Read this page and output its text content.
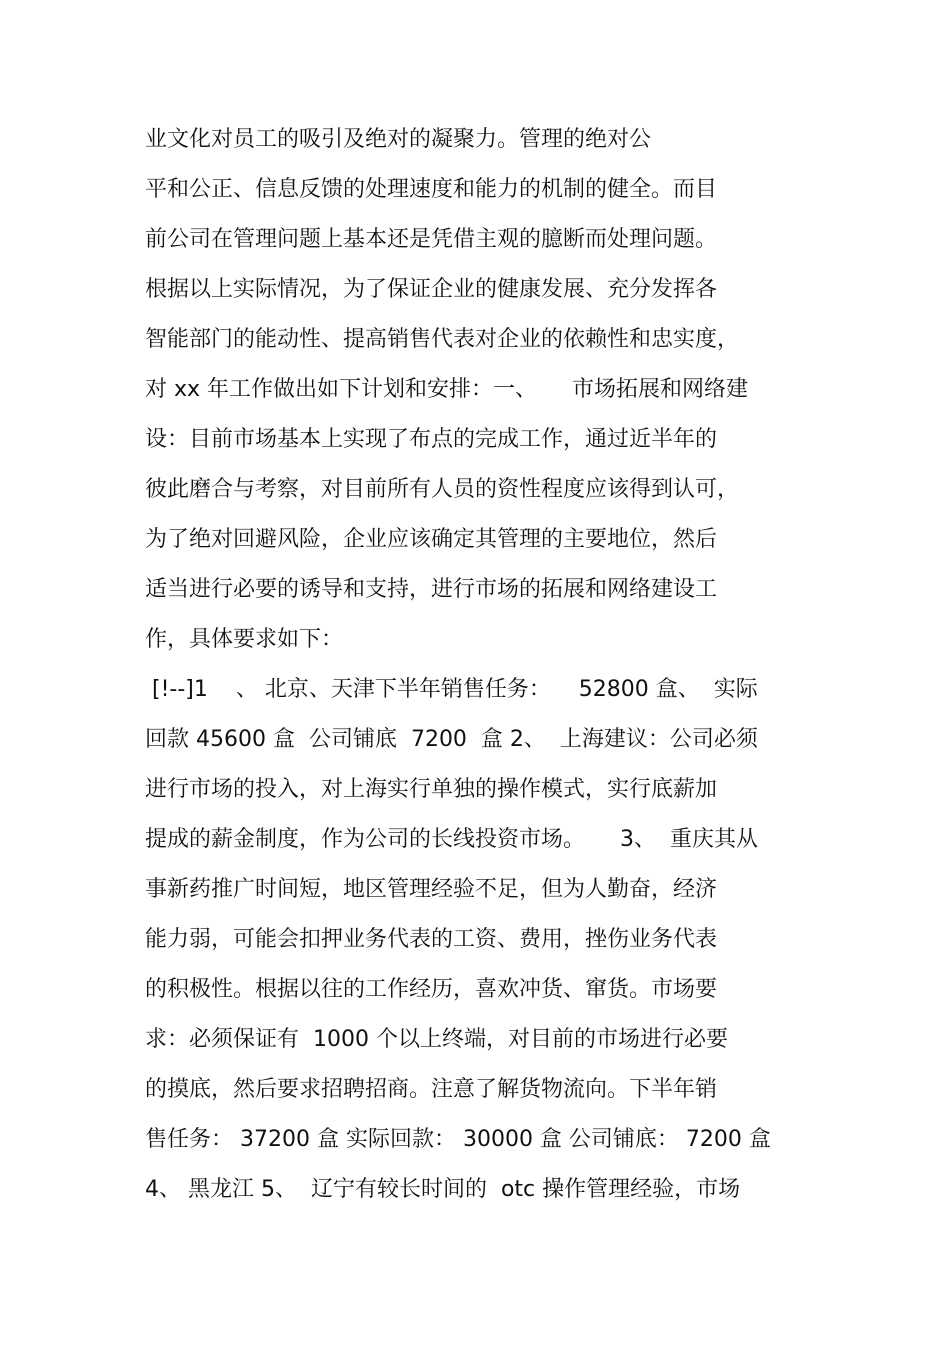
业文化对员工的吸引及绝对的凝聚力。管理的绝对公
平和公正、信息反馈的处理速度和能力的机制的健全。而目
前公司在管理问题上基本还是凭借主观的臆断而处理问题。
根据以上实际情况，为了保证企业的健康发展、充分发挥各
智能部门的能动性、提高销售代表对企业的依赖性和忠实度，
对 xx 年工作做出如下计划和安排：一、     市场拓展和网络建
设：目前市场基本上实现了布点的完成工作，通过近半年的
彼此磨合与考察，对目前所有人员的资性程度应该得到认可，
为了绝对回避风险，企业应该确定其管理的主要地位，然后
适当进行必要的诱导和支持，进行市场的拓展和网络建设工
作，具体要求如下：
[!--]1    、 北京、天津下半年销售任务：    52800 盒、  实际
回款 45600 盒  公司铺底  7200  盒 2、  上海建议：公司必须
进行市场的投入，对上海实行单独的操作模式，实行底薪加
提成的薪金制度，作为公司的长线投资市场。     3、  重庆其从
事新药推广时间短，地区管理经验不足，但为人勤奋，经济
能力弱，可能会扣押业务代表的工资、费用，挫伤业务代表
的积极性。根据以往的工作经历，喜欢冲货、窜货。市场要
求：必须保证有  1000 个以上终端，对目前的市场进行必要
的摸底，然后要求招聘招商。注意了解货物流向。下半年销
售任务： 37200 盒 实际回款： 30000 盒 公司铺底： 7200 盒
4、 黑龙江 5、  辽宁有较长时间的  otc 操作管理经验，市场
